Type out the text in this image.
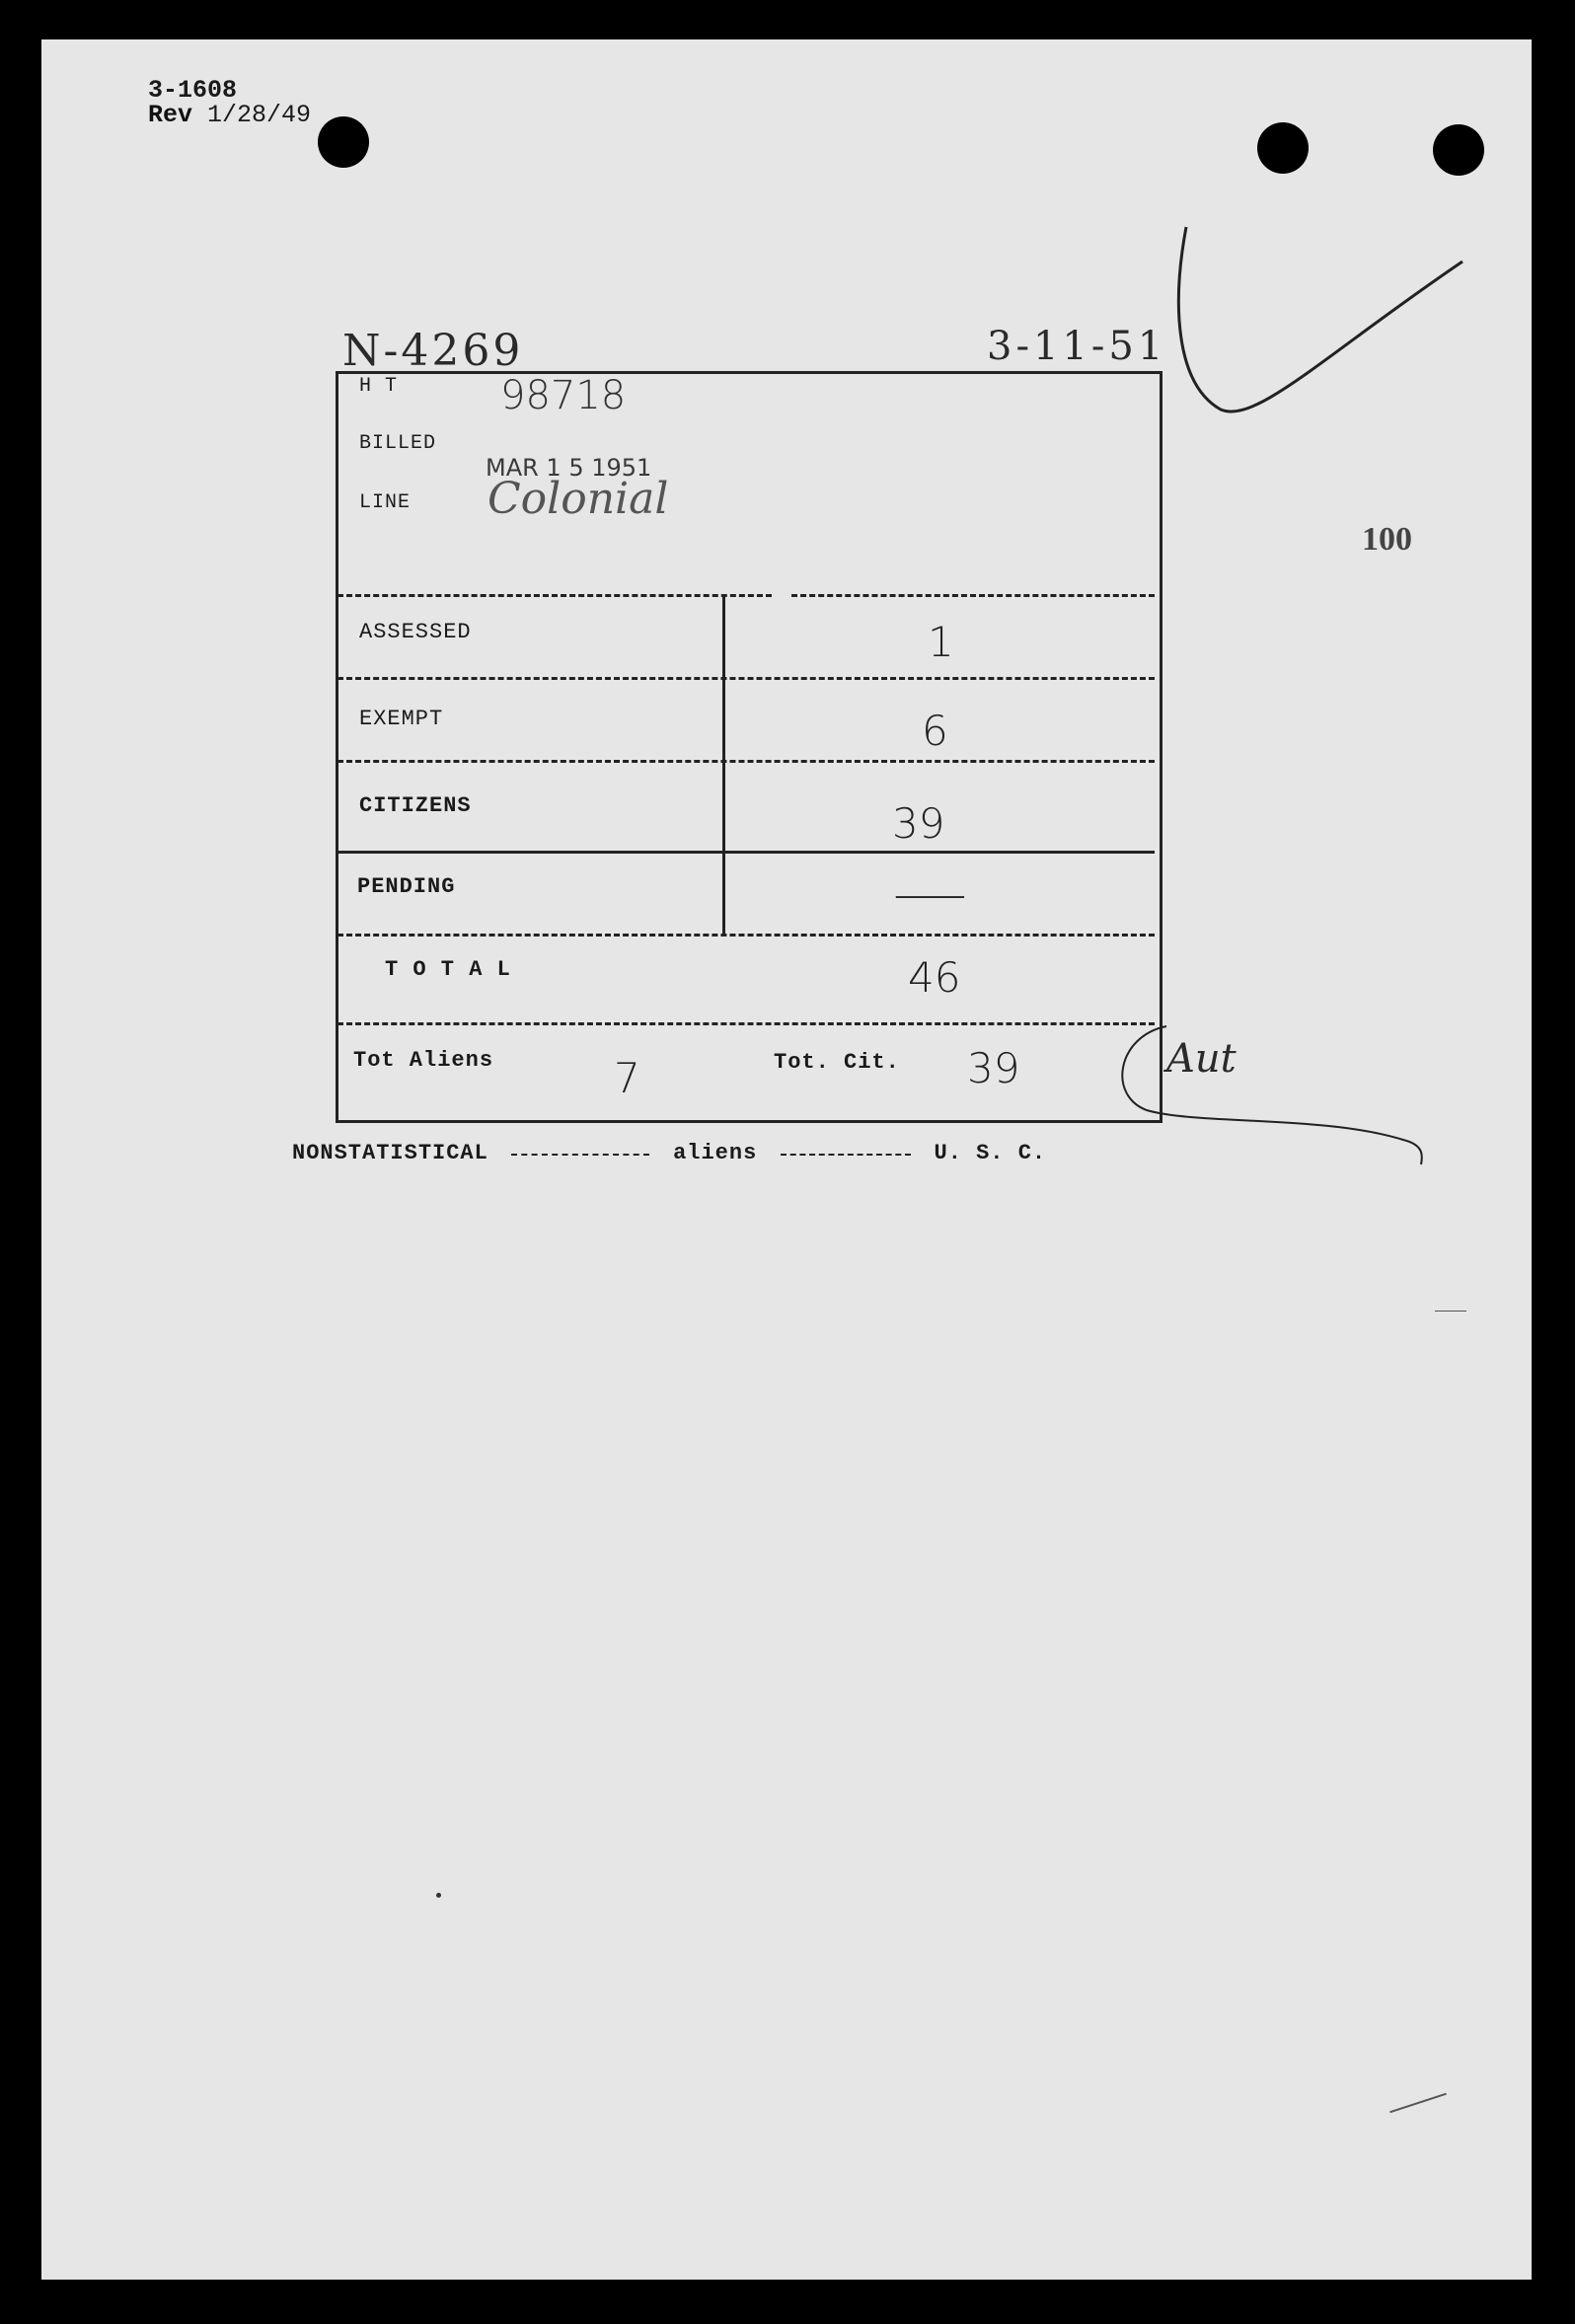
3-1608
Rev 1/28/49
N-4269	3-11-51
100
H T	98718
BILLED
MAR 1 5 1951
LINE Colonial
ASSESSED	1
EXEMPT	6
CITIZENS	39
PENDING	—
T O T A L	46
Tot Aliens	7	Tot. Cit. 39	Aut
NONSTATISTICAL	aliens	U. S. C.
